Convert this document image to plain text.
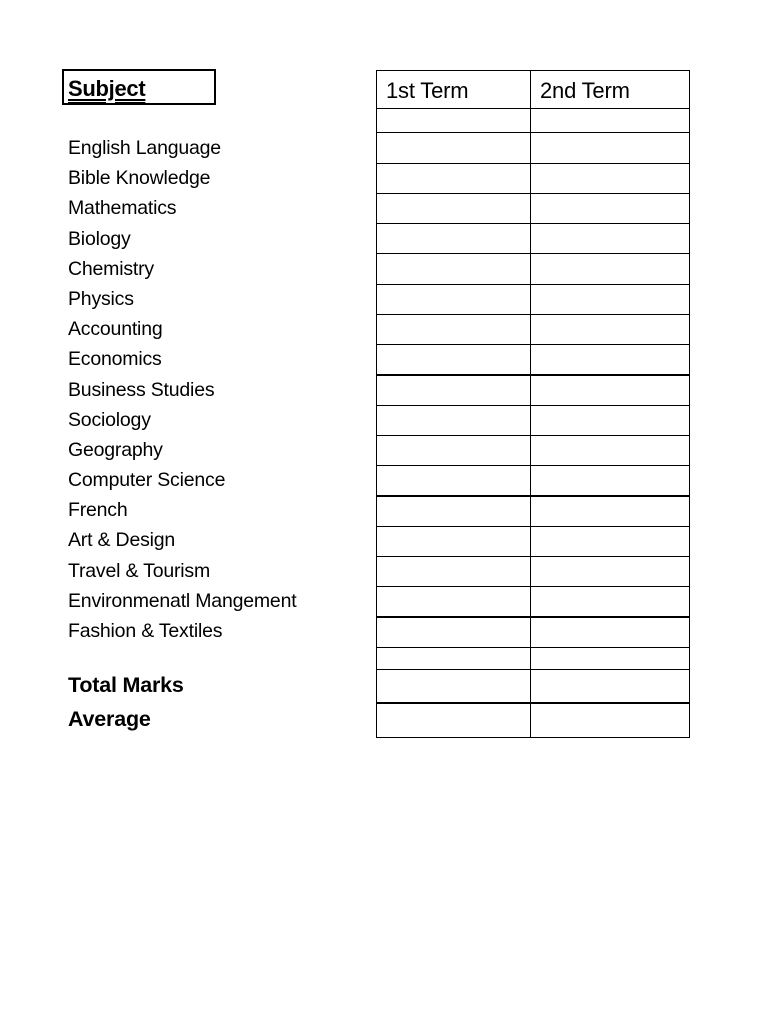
Subject
English Language
Bible Knowledge
Mathematics
Biology
Chemistry
Physics
Accounting
Economics
Business Studies
Sociology
Geography
Computer Science
French
Art & Design
Travel & Tourism
Environmenatl Mangement
Fashion & Textiles
Total Marks
Average
1st Term	2nd Term
